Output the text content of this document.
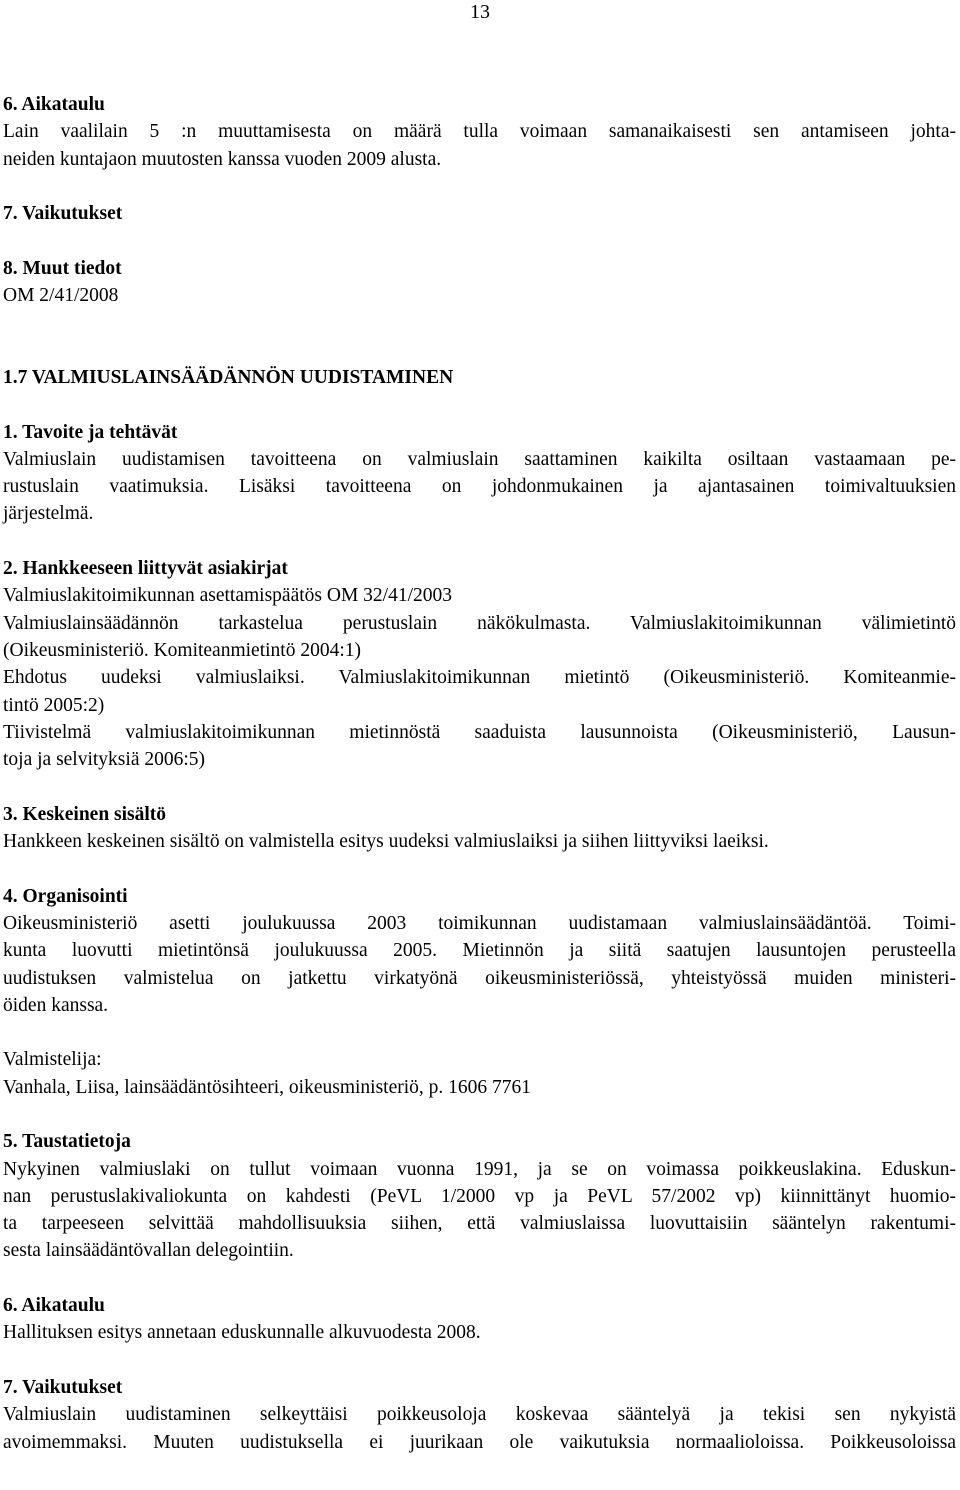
13
6. Aikataulu
Lain vaalilain 5 :n muuttamisesta on määrä tulla voimaan samanaikaisesti sen antamiseen johta-
neiden kuntajaon muutosten kanssa vuoden 2009 alusta.
7. Vaikutukset
8. Muut tiedot
OM 2/41/2008
1.7 VALMIUSLAINSÄÄDÄNNÖN UUDISTAMINEN
1. Tavoite ja tehtävät
Valmiuslain uudistamisen tavoitteena on valmiuslain saattaminen kaikilta osiltaan vastaamaan pe-
rustuslain vaatimuksia. Lisäksi tavoitteena on johdonmukainen ja ajantasainen toimivaltuuksien
järjestelmä.
2. Hankkeeseen liittyvät asiakirjat
Valmiuslakitoimikunnan asettamispäätös OM 32/41/2003
Valmiuslainsäädännön tarkastelua perustuslain näkökulmasta. Valmiuslakitoimikunnan välimietintö
(Oikeusministeriö. Komiteanmietintö 2004:1)
Ehdotus uudeksi valmiuslaiksi. Valmiuslakitoimikunnan mietintö (Oikeusministeriö. Komiteanmie-
tintö 2005:2)
Tiivistelmä valmiuslakitoimikunnan mietinnöstä saaduista lausunnoista (Oikeusministeriö, Lausun-
toja ja selvityksiä 2006:5)
3. Keskeinen sisältö
Hankkeen keskeinen sisältö on valmistella esitys uudeksi valmiuslaiksi ja siihen liittyviksi laeiksi.
4. Organisointi
Oikeusministeriö asetti joulukuussa 2003 toimikunnan uudistamaan valmiuslainsäädäntöä. Toimi-
kunta luovutti mietintönsä joulukuussa 2005. Mietinnön ja siitä saatujen lausuntojen perusteella
uudistuksen valmistelua on jatkettu virkatyönä oikeusministeriössä, yhteistyössä muiden ministeri-
öiden kanssa.
Valmistelija:
Vanhala, Liisa, lainsäädäntösihteeri, oikeusministeriö, p. 1606 7761
5. Taustatietoja
Nykyinen valmiuslaki on tullut voimaan vuonna 1991, ja se on voimassa poikkeuslakina. Eduskun-
nan perustuslakivaliokunta on kahdesti (PeVL 1/2000 vp ja PeVL 57/2002 vp) kiinnittänyt huomio-
ta tarpeeseen selvittää mahdollisuuksia siihen, että valmiuslaissa luovuttaisiin sääntelyn rakentumi-
sesta lainsäädäntövallan delegointiin.
6. Aikataulu
Hallituksen esitys annetaan eduskunnalle alkuvuodesta 2008.
7. Vaikutukset
Valmiuslain uudistaminen selkeyttäisi poikkeusoloja koskevaa sääntelyä ja tekisi sen nykyistä
avoimemmaksi. Muuten uudistuksella ei juurikaan ole vaikutuksia normaalioloissa. Poikkeusoloissa
